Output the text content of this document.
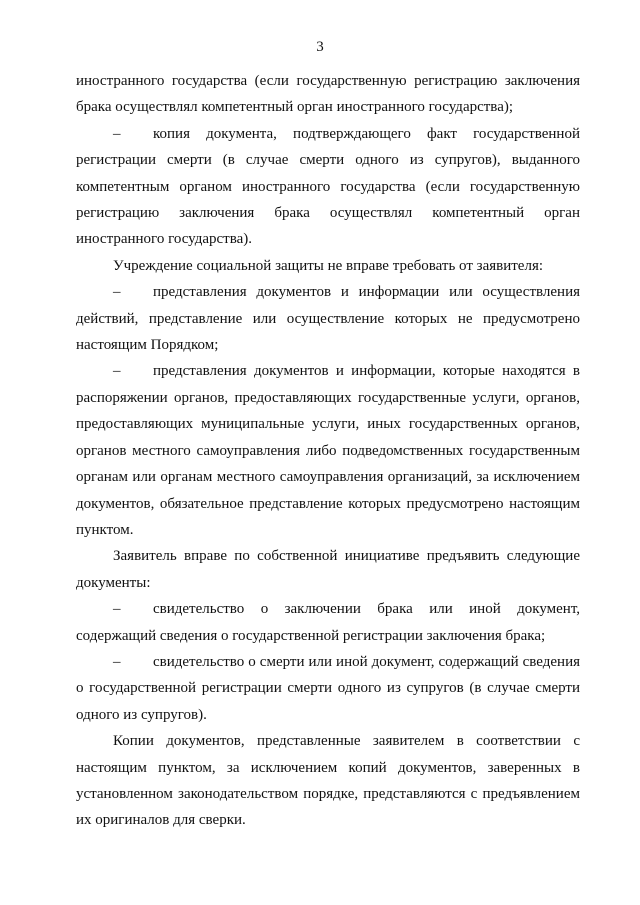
3

иностранного государства (если государственную регистрацию заключения брака осуществлял компетентный орган иностранного государства);

– копия документа, подтверждающего факт государственной регистрации смерти (в случае смерти одного из супругов), выданного компетентным органом иностранного государства (если государственную регистрацию заключения брака осуществлял компетентный орган иностранного государства).

Учреждение социальной защиты не вправе требовать от заявителя:

– представления документов и информации или осуществления действий, представление или осуществление которых не предусмотрено настоящим Порядком;

– представления документов и информации, которые находятся в распоряжении органов, предоставляющих государственные услуги, органов, предоставляющих муниципальные услуги, иных государственных органов, органов местного самоуправления либо подведомственных государственным органам или органам местного самоуправления организаций, за исключением документов, обязательное представление которых предусмотрено настоящим пунктом.

Заявитель вправе по собственной инициативе предъявить следующие документы:

– свидетельство о заключении брака или иной документ, содержащий сведения о государственной регистрации заключения брака;

– свидетельство о смерти или иной документ, содержащий сведения о государственной регистрации смерти одного из супругов (в случае смерти одного из супругов).

Копии документов, представленные заявителем в соответствии с настоящим пунктом, за исключением копий документов, заверенных в установленном законодательством порядке, представляются с предъявлением их оригиналов для сверки.
